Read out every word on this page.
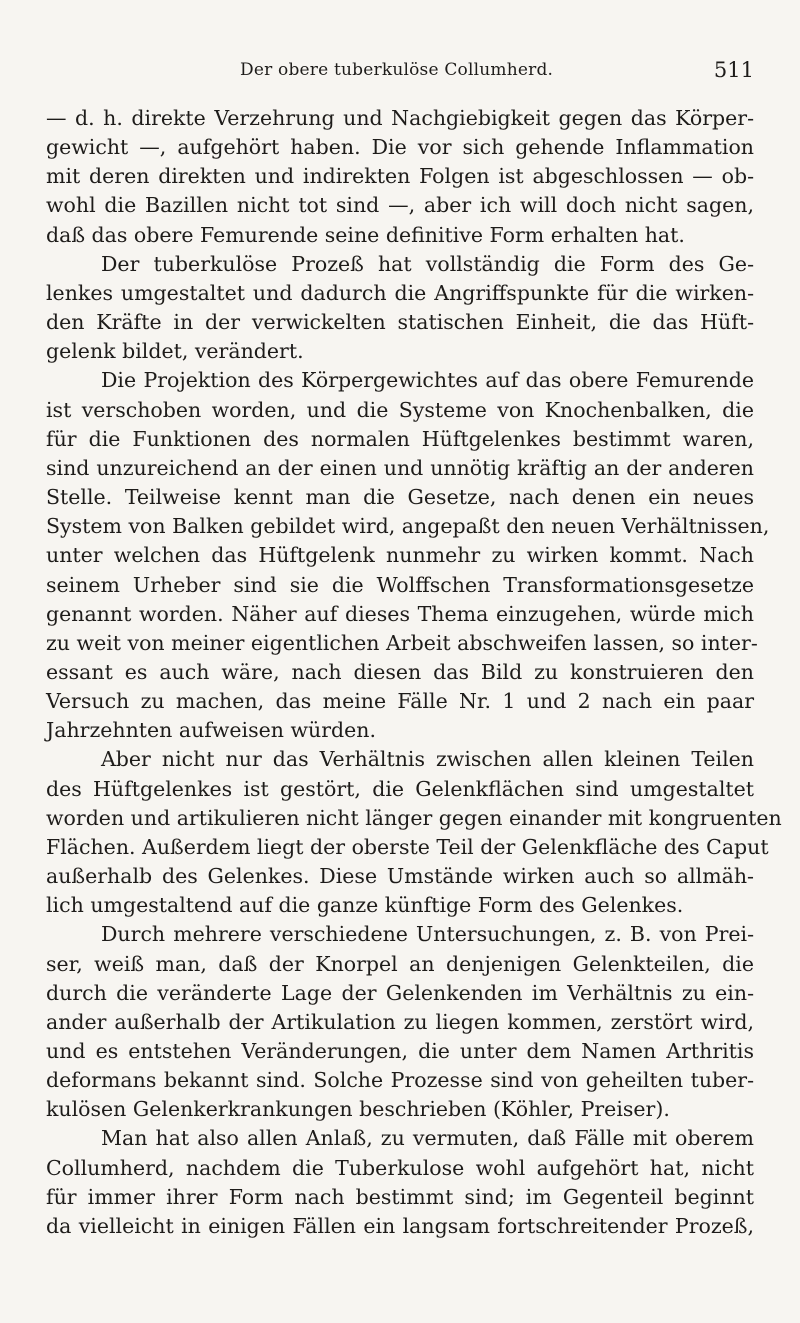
Der obere tuberkulöse Collumherd.	511
— d. h. direkte Verzehrung und Nachgiebigkeit gegen das Körper-
gewicht —, aufgehört haben. Die vor sich gehende Inflammation
mit deren direkten und indirekten Folgen ist abgeschlossen — ob-
wohl die Bazillen nicht tot sind —, aber ich will doch nicht sagen,
daß das obere Femurende seine definitive Form erhalten hat.
Der tuberkulöse Prozeß hat vollständig die Form des Ge-
lenkes umgestaltet und dadurch die Angriffspunkte für die wirken-
den Kräfte in der verwickelten statischen Einheit, die das Hüft-
gelenk bildet, verändert.
Die Projektion des Körpergewichtes auf das obere Femurende
ist verschoben worden, und die Systeme von Knochenbalken, die
für die Funktionen des normalen Hüftgelenkes bestimmt waren,
sind unzureichend an der einen und unnötig kräftig an der anderen
Stelle. Teilweise kennt man die Gesetze, nach denen ein neues
System von Balken gebildet wird, angepaßt den neuen Verhältnissen,
unter welchen das Hüftgelenk nunmehr zu wirken kommt. Nach
seinem Urheber sind sie die Wolffschen Transformationsgesetze
genannt worden. Näher auf dieses Thema einzugehen, würde mich
zu weit von meiner eigentlichen Arbeit abschweifen lassen, so inter-
essant es auch wäre, nach diesen das Bild zu konstruieren den
Versuch zu machen, das meine Fälle Nr. 1 und 2 nach ein paar
Jahrzehnten aufweisen würden.
Aber nicht nur das Verhältnis zwischen allen kleinen Teilen
des Hüftgelenkes ist gestört, die Gelenkflächen sind umgestaltet
worden und artikulieren nicht länger gegen einander mit kongruenten
Flächen. Außerdem liegt der oberste Teil der Gelenkfläche des Caput
außerhalb des Gelenkes. Diese Umstände wirken auch so allmäh-
lich umgestaltend auf die ganze künftige Form des Gelenkes.
Durch mehrere verschiedene Untersuchungen, z. B. von Prei-
ser, weiß man, daß der Knorpel an denjenigen Gelenkteilen, die
durch die veränderte Lage der Gelenkenden im Verhältnis zu ein-
ander außerhalb der Artikulation zu liegen kommen, zerstört wird,
und es entstehen Veränderungen, die unter dem Namen Arthritis
deformans bekannt sind. Solche Prozesse sind von geheilten tuber-
kulösen Gelenkerkrankungen beschrieben (Köhler, Preiser).
Man hat also allen Anlaß, zu vermuten, daß Fälle mit oberem
Collumherd, nachdem die Tuberkulose wohl aufgehört hat, nicht
für immer ihrer Form nach bestimmt sind; im Gegenteil beginnt
da vielleicht in einigen Fällen ein langsam fortschreitender Prozeß,
